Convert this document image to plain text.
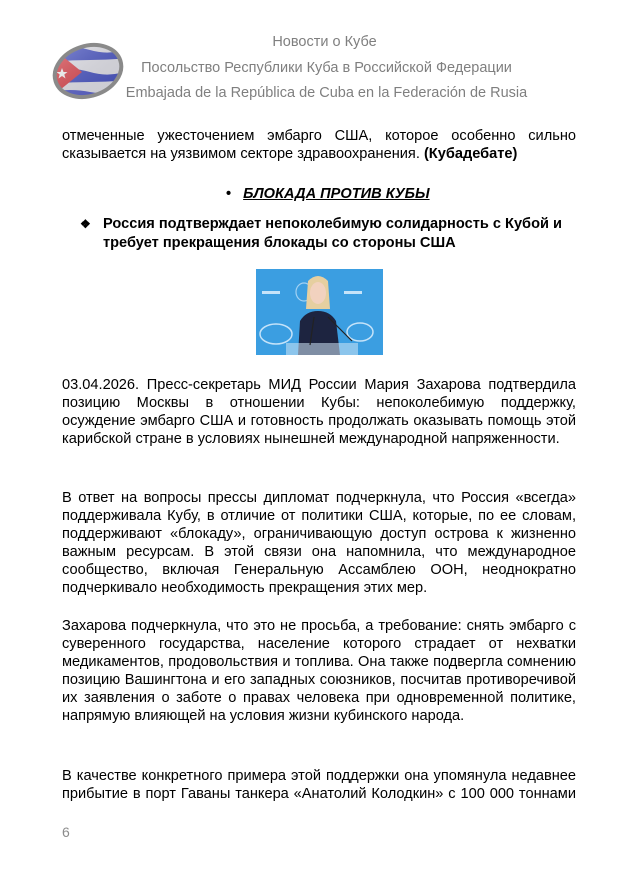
Новости о Кубе
Посольство Республики Куба в Российской Федерации
Embajada de la República de Cuba en la Federación de Rusia

отмеченные ужесточением эмбарго США, которое особенно сильно сказывается на уязвимом секторе здравоохранения. (Кубадебате)

• БЛОКАДА ПРОТИВ КУБЫ
❖ Россия подтверждает непоколебимую солидарность с Кубой и требует прекращения блокады со стороны США

03.04.2026. Пресс-секретарь МИД России Мария Захарова подтвердила позицию Москвы в отношении Кубы: непоколебимую поддержку, осуждение эмбарго США и готовность продолжать оказывать помощь этой карибской стране в условиях нынешней международной напряженности.

В ответ на вопросы прессы дипломат подчеркнула, что Россия «всегда» поддерживала Кубу, в отличие от политики США, которые, по ее словам, поддерживают «блокаду», ограничивающую доступ острова к жизненно важным ресурсам. В этой связи она напомнила, что международное сообщество, включая Генеральную Ассамблею ООН, неоднократно подчеркивало необходимость прекращения этих мер.

Захарова подчеркнула, что это не просьба, а требование: снять эмбарго с суверенного государства, население которого страдает от нехватки медикаментов, продовольствия и топлива. Она также подвергла сомнению позицию Вашингтона и его западных союзников, посчитав противоречивой их заявления о заботе о правах человека при одновременной политике, напрямую влияющей на условия жизни кубинского народа.

В качестве конкретного примера этой поддержки она упомянула недавнее прибытие в порт Гаваны танкера «Анатолий Колодкин» с 100 000 тоннами

6
